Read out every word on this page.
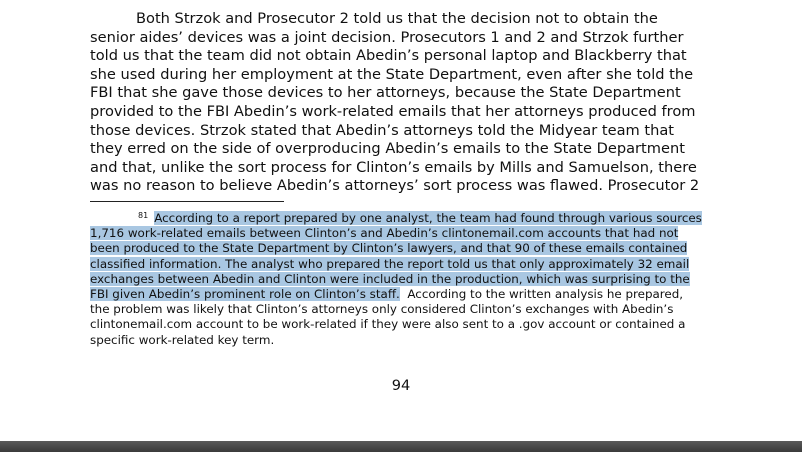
Both Strzok and Prosecutor 2 told us that the decision not to obtain the
senior aides’ devices was a joint decision. Prosecutors 1 and 2 and Strzok further
told us that the team did not obtain Abedin’s personal laptop and Blackberry that
she used during her employment at the State Department, even after she told the
FBI that she gave those devices to her attorneys, because the State Department
provided to the FBI Abedin’s work-related emails that her attorneys produced from
those devices. Strzok stated that Abedin’s attorneys told the Midyear team that
they erred on the side of overproducing Abedin’s emails to the State Department
and that, unlike the sort process for Clinton’s emails by Mills and Samuelson, there
was no reason to believe Abedin’s attorneys’ sort process was flawed. Prosecutor 2
$^{81}$ According to a report prepared by one analyst, the team had found through various sources
1,716 work-related emails between Clinton’s and Abedin’s clintonemail.com accounts that had not
been produced to the State Department by Clinton’s lawyers, and that 90 of these emails contained
classified information. The analyst who prepared the report told us that only approximately 32 email
exchanges between Abedin and Clinton were included in the production, which was surprising to the
FBI given Abedin’s prominent role on Clinton’s staff.  According to the written analysis he prepared,
the problem was likely that Clinton’s attorneys only considered Clinton’s exchanges with Abedin’s
clintonemail.com account to be work-related if they were also sent to a .gov account or contained a
specific work-related key term.
94
